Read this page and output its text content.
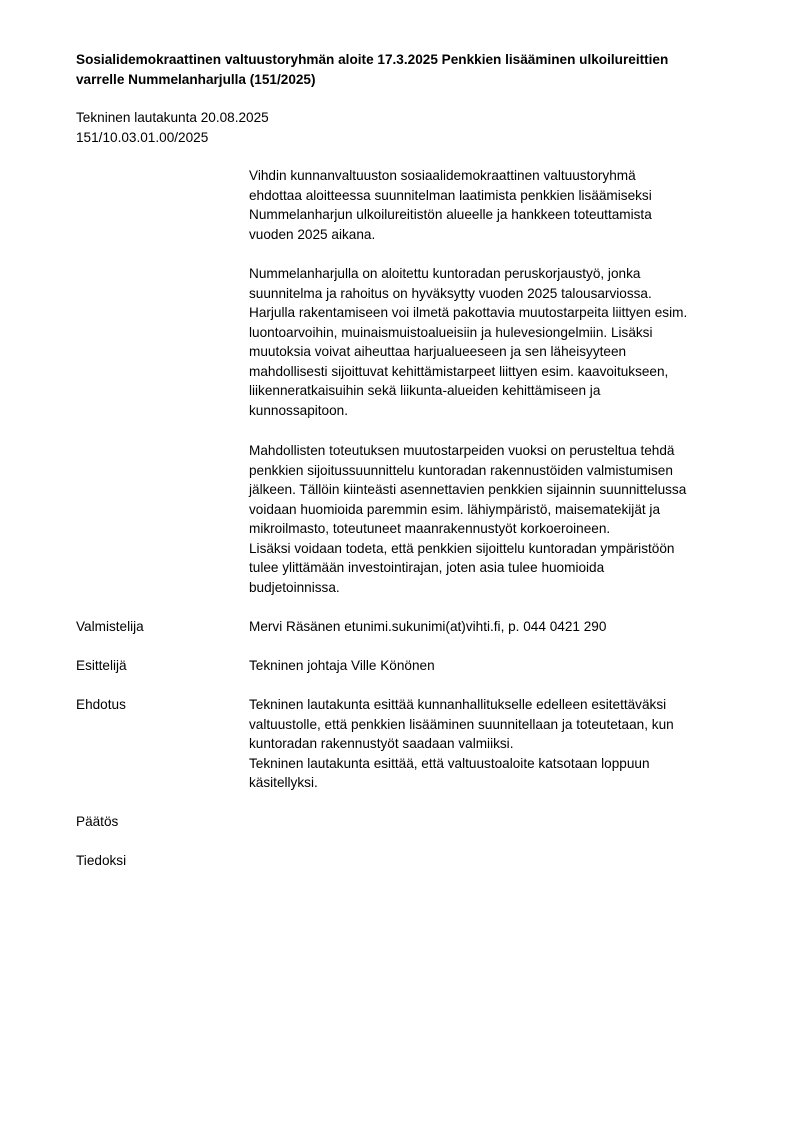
Sosialidemokraattinen valtuustoryhmän aloite 17.3.2025 Penkkien lisääminen ulkoilureittien
varrelle Nummelanharjulla (151/2025)
Tekninen lautakunta 20.08.2025
151/10.03.01.00/2025
Vihdin kunnanvaltuuston sosiaalidemokraattinen valtuustoryhmä
ehdottaa aloitteessa suunnitelman laatimista penkkien lisäämiseksi
Nummelanharjun ulkoilureitistön alueelle ja hankkeen toteuttamista
vuoden 2025 aikana.
Nummelanharjulla on aloitettu kuntoradan peruskorjaustyö, jonka
suunnitelma ja rahoitus on hyväksytty vuoden 2025 talousarviossa.
Harjulla rakentamiseen voi ilmetä pakottavia muutostarpeita liittyen esim.
luontoarvoihin, muinaismuistoalueisiin ja hulevesiongelmiin. Lisäksi
muutoksia voivat aiheuttaa harjualueeseen ja sen läheisyyteen
mahdollisesti sijoittuvat kehittämistarpeet liittyen esim. kaavoitukseen,
liikenneratkaisuihin sekä liikunta-alueiden kehittämiseen ja
kunnossapitoon.
Mahdollisten toteutuksen muutostarpeiden vuoksi on perusteltua tehdä
penkkien sijoitussuunnittelu kuntoradan rakennustöiden valmistumisen
jälkeen. Tällöin kiinteästi asennettavien penkkien sijainnin suunnittelussa
voidaan huomioida paremmin esim. lähiympäristö, maisematekijät ja
mikroilmasto, toteutuneet maanrakennustyöt korkoeroineen.
Lisäksi voidaan todeta, että penkkien sijoittelu kuntoradan ympäristöön
tulee ylittämään investointirajan, joten asia tulee huomioida
budjetoinnissa.
Valmistelija	Mervi Räsänen etunimi.sukunimi(at)vihti.fi, p. 044 0421 290
Esittelijä	Tekninen johtaja Ville Könönen
Ehdotus	Tekninen lautakunta esittää kunnanhallitukselle edelleen esitettäväksi
valtuustolle, että penkkien lisääminen suunnitellaan ja toteutetaan, kun
kuntoradan rakennustyöt saadaan valmiiksi.
Tekninen lautakunta esittää, että valtuustoaloite katsotaan loppuun
käsitellyksi.
Päätös
Tiedoksi
